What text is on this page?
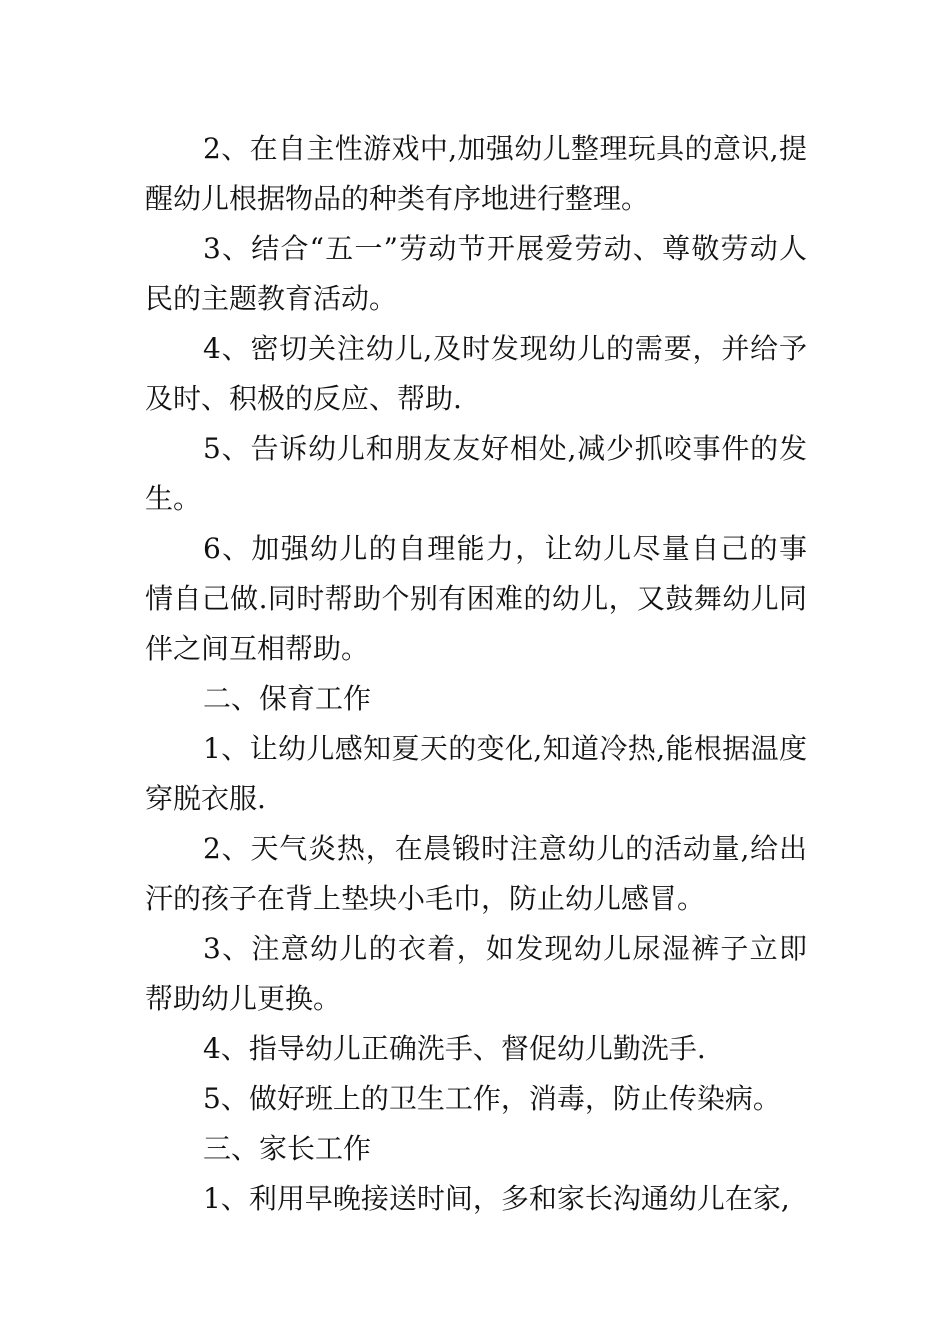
2、在自主性游戏中,加强幼儿整理玩具的意识,提醒幼儿根据物品的种类有序地进行整理。

3、结合“五一”劳动节开展爱劳动、尊敬劳动人民的主题教育活动。

4、密切关注幼儿,及时发现幼儿的需要，并给予及时、积极的反应、帮助.

5、告诉幼儿和朋友友好相处,减少抓咬事件的发生。

6、加强幼儿的自理能力，让幼儿尽量自己的事情自己做.同时帮助个别有困难的幼儿，又鼓舞幼儿同伴之间互相帮助。

二、保育工作

1、让幼儿感知夏天的变化,知道冷热,能根据温度穿脱衣服.

2、天气炎热，在晨锻时注意幼儿的活动量,给出汗的孩子在背上垫块小毛巾，防止幼儿感冒。

3、注意幼儿的衣着，如发现幼儿尿湿裤子立即帮助幼儿更换。

4、指导幼儿正确洗手、督促幼儿勤洗手.

5、做好班上的卫生工作，消毒，防止传染病。

三、家长工作

1、利用早晚接送时间，多和家长沟通幼儿在家,
